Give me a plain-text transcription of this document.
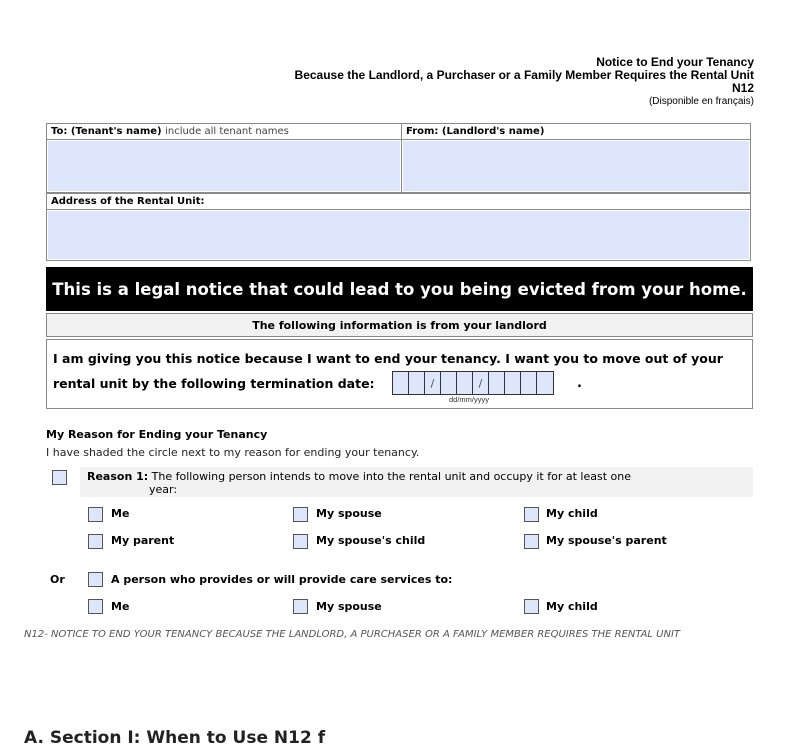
Notice to End your Tenancy
Because the Landlord, a Purchaser or a Family Member Requires the Rental Unit
N12
(Disponible en français)
To: (Tenant's name) include all tenant names	From: (Landlord's name)
Address of the Rental Unit:
This is a legal notice that could lead to you being evicted from your home.
The following information is from your landlord
I am giving you this notice because I want to end your tenancy. I want you to move out of your
rental unit by the following termination date:	/	/	.
dd/mm/yyyy
My Reason for Ending your Tenancy
I have shaded the circle next to my reason for ending your tenancy.
Reason 1: The following person intends to move into the rental unit and occupy it for at least one
year:
Me	My spouse	My child
My parent	My spouse's child	My spouse's parent
Or	A person who provides or will provide care services to:
Me	My spouse	My child
N12- NOTICE TO END YOUR TENANCY BECAUSE THE LANDLORD, A PURCHASER OR A FAMILY MEMBER REQUIRES THE RENTAL UNIT
A. Section I: When to Use N12 f
